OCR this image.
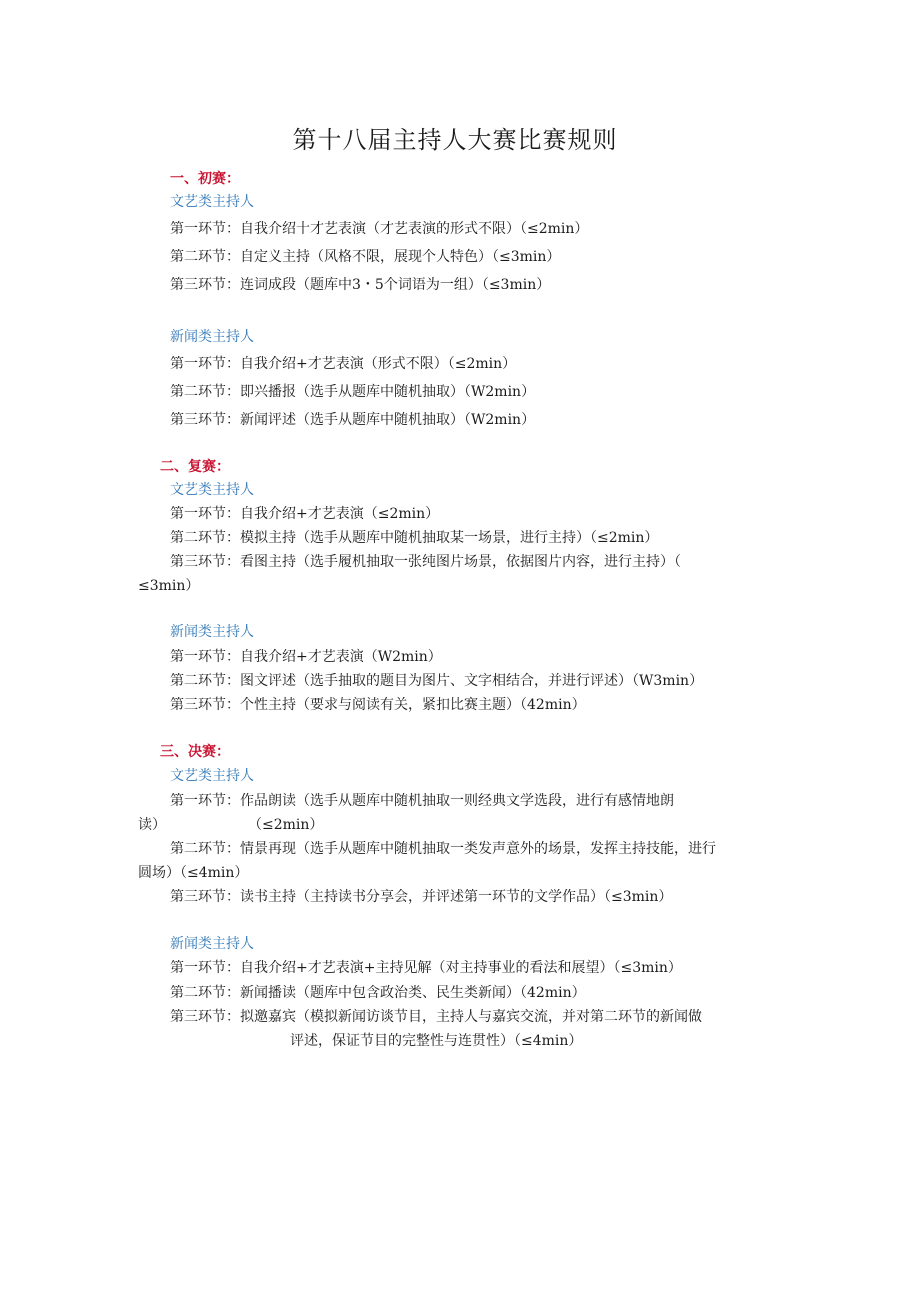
第十八届主持人大赛比赛规则
一、初赛：
文艺类主持人
第一环节：自我介绍十才艺表演（才艺表演的形式不限）（≤2min）
第二环节：自定义主持（风格不限，展现个人特色）（≤3min）
第三环节：连词成段（题库中3・5个词语为一组）（≤3min）
新闻类主持人
第一环节：自我介绍+才艺表演（形式不限）（≤2min）
第二环节：即兴播报（选手从题库中随机抽取）（W2min）
第三环节：新闻评述（选手从题库中随机抽取）（W2min）
二、复赛：
文艺类主持人
第一环节：自我介绍+才艺表演（≤2min）
第二环节：模拟主持（选手从题库中随机抽取某一场景，进行主持）（≤2min）
第三环节：看图主持（选手履机抽取一张纯图片场景，依据图片内容，进行主持）（
≤3min）
新闻类主持人
第一环节：自我介绍+才艺表演（W2min）
第二环节：图文评述（选手抽取的题目为图片、文字相结合，并进行评述）（W3min）
第三环节：个性主持（要求与阅读有关，紧扣比赛主题）（42min）
三、决赛：
文艺类主持人
第一环节：作品朗读（选手从题库中随机抽取一则经典文学选段，进行有感情地朗
读）	（≤2min）
第二环节：情景再现（选手从题库中随机抽取一类发声意外的场景，发挥主持技能，进行
圆场）（≤4min）
第三环节：读书主持（主持读书分享会，并评述第一环节的文学作品）（≤3min）
新闻类主持人
第一环节：自我介绍+才艺表演+主持见解（对主持事业的看法和展望）（≤3min）
第二环节：新闻播读（题库中包含政治类、民生类新闻）（42min）
第三环节：拟邀嘉宾（模拟新闻访谈节目，主持人与嘉宾交流，并对第二环节的新闻做
评述，保证节目的完整性与连贯性）（≤4min）
